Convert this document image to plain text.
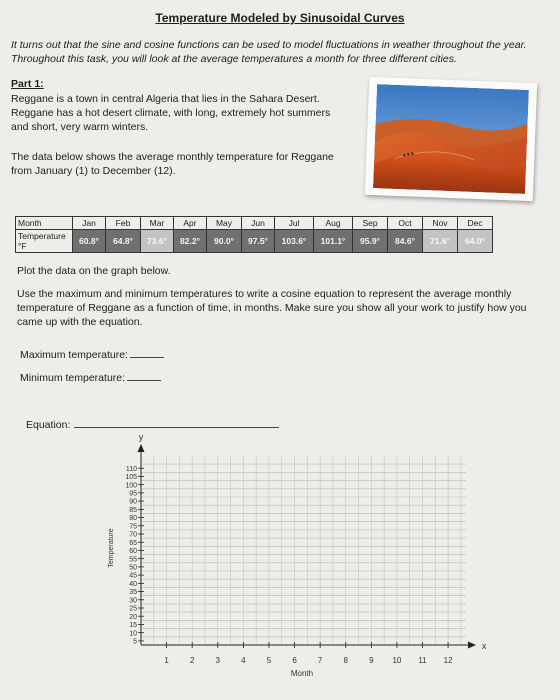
Temperature Modeled by Sinusoidal Curves
It turns out that the sine and cosine functions can be used to model fluctuations in weather throughout the year. Throughout this task, you will look at the average temperatures a month for three different cities.
Part 1:
Reggane is a town in central Algeria that lies in the Sahara Desert. Reggane has a hot desert climate, with long, extremely hot summers and short, very warm winters.
The data below shows the average monthly temperature for Reggane from January (1) to December (12).
Month	Jan	Feb	Mar	Apr	May	Jun	Jul	Aug	Sep	Oct	Nov	Dec
Temperature °F	60.8°	64.8°	73.6°	82.2°	90.0°	97.5°	103.6°	101.1°	95.9°	84.6°	71.6°	64.0°
Plot the data on the graph below.
Use the maximum and minimum temperatures to write a cosine equation to represent the average monthly temperature of Reggane as a function of time, in months. Make sure you show all your work to justify how you came up with the equation.
Maximum temperature:
Minimum temperature:
Equation:
y
x
Temperature
Month
5
10
15
20
25
30
35
40
45
50
55
60
65
70
75
80
85
90
95
100
105
110
1	2	3	4	5	6	7	8	9 10 11 12
